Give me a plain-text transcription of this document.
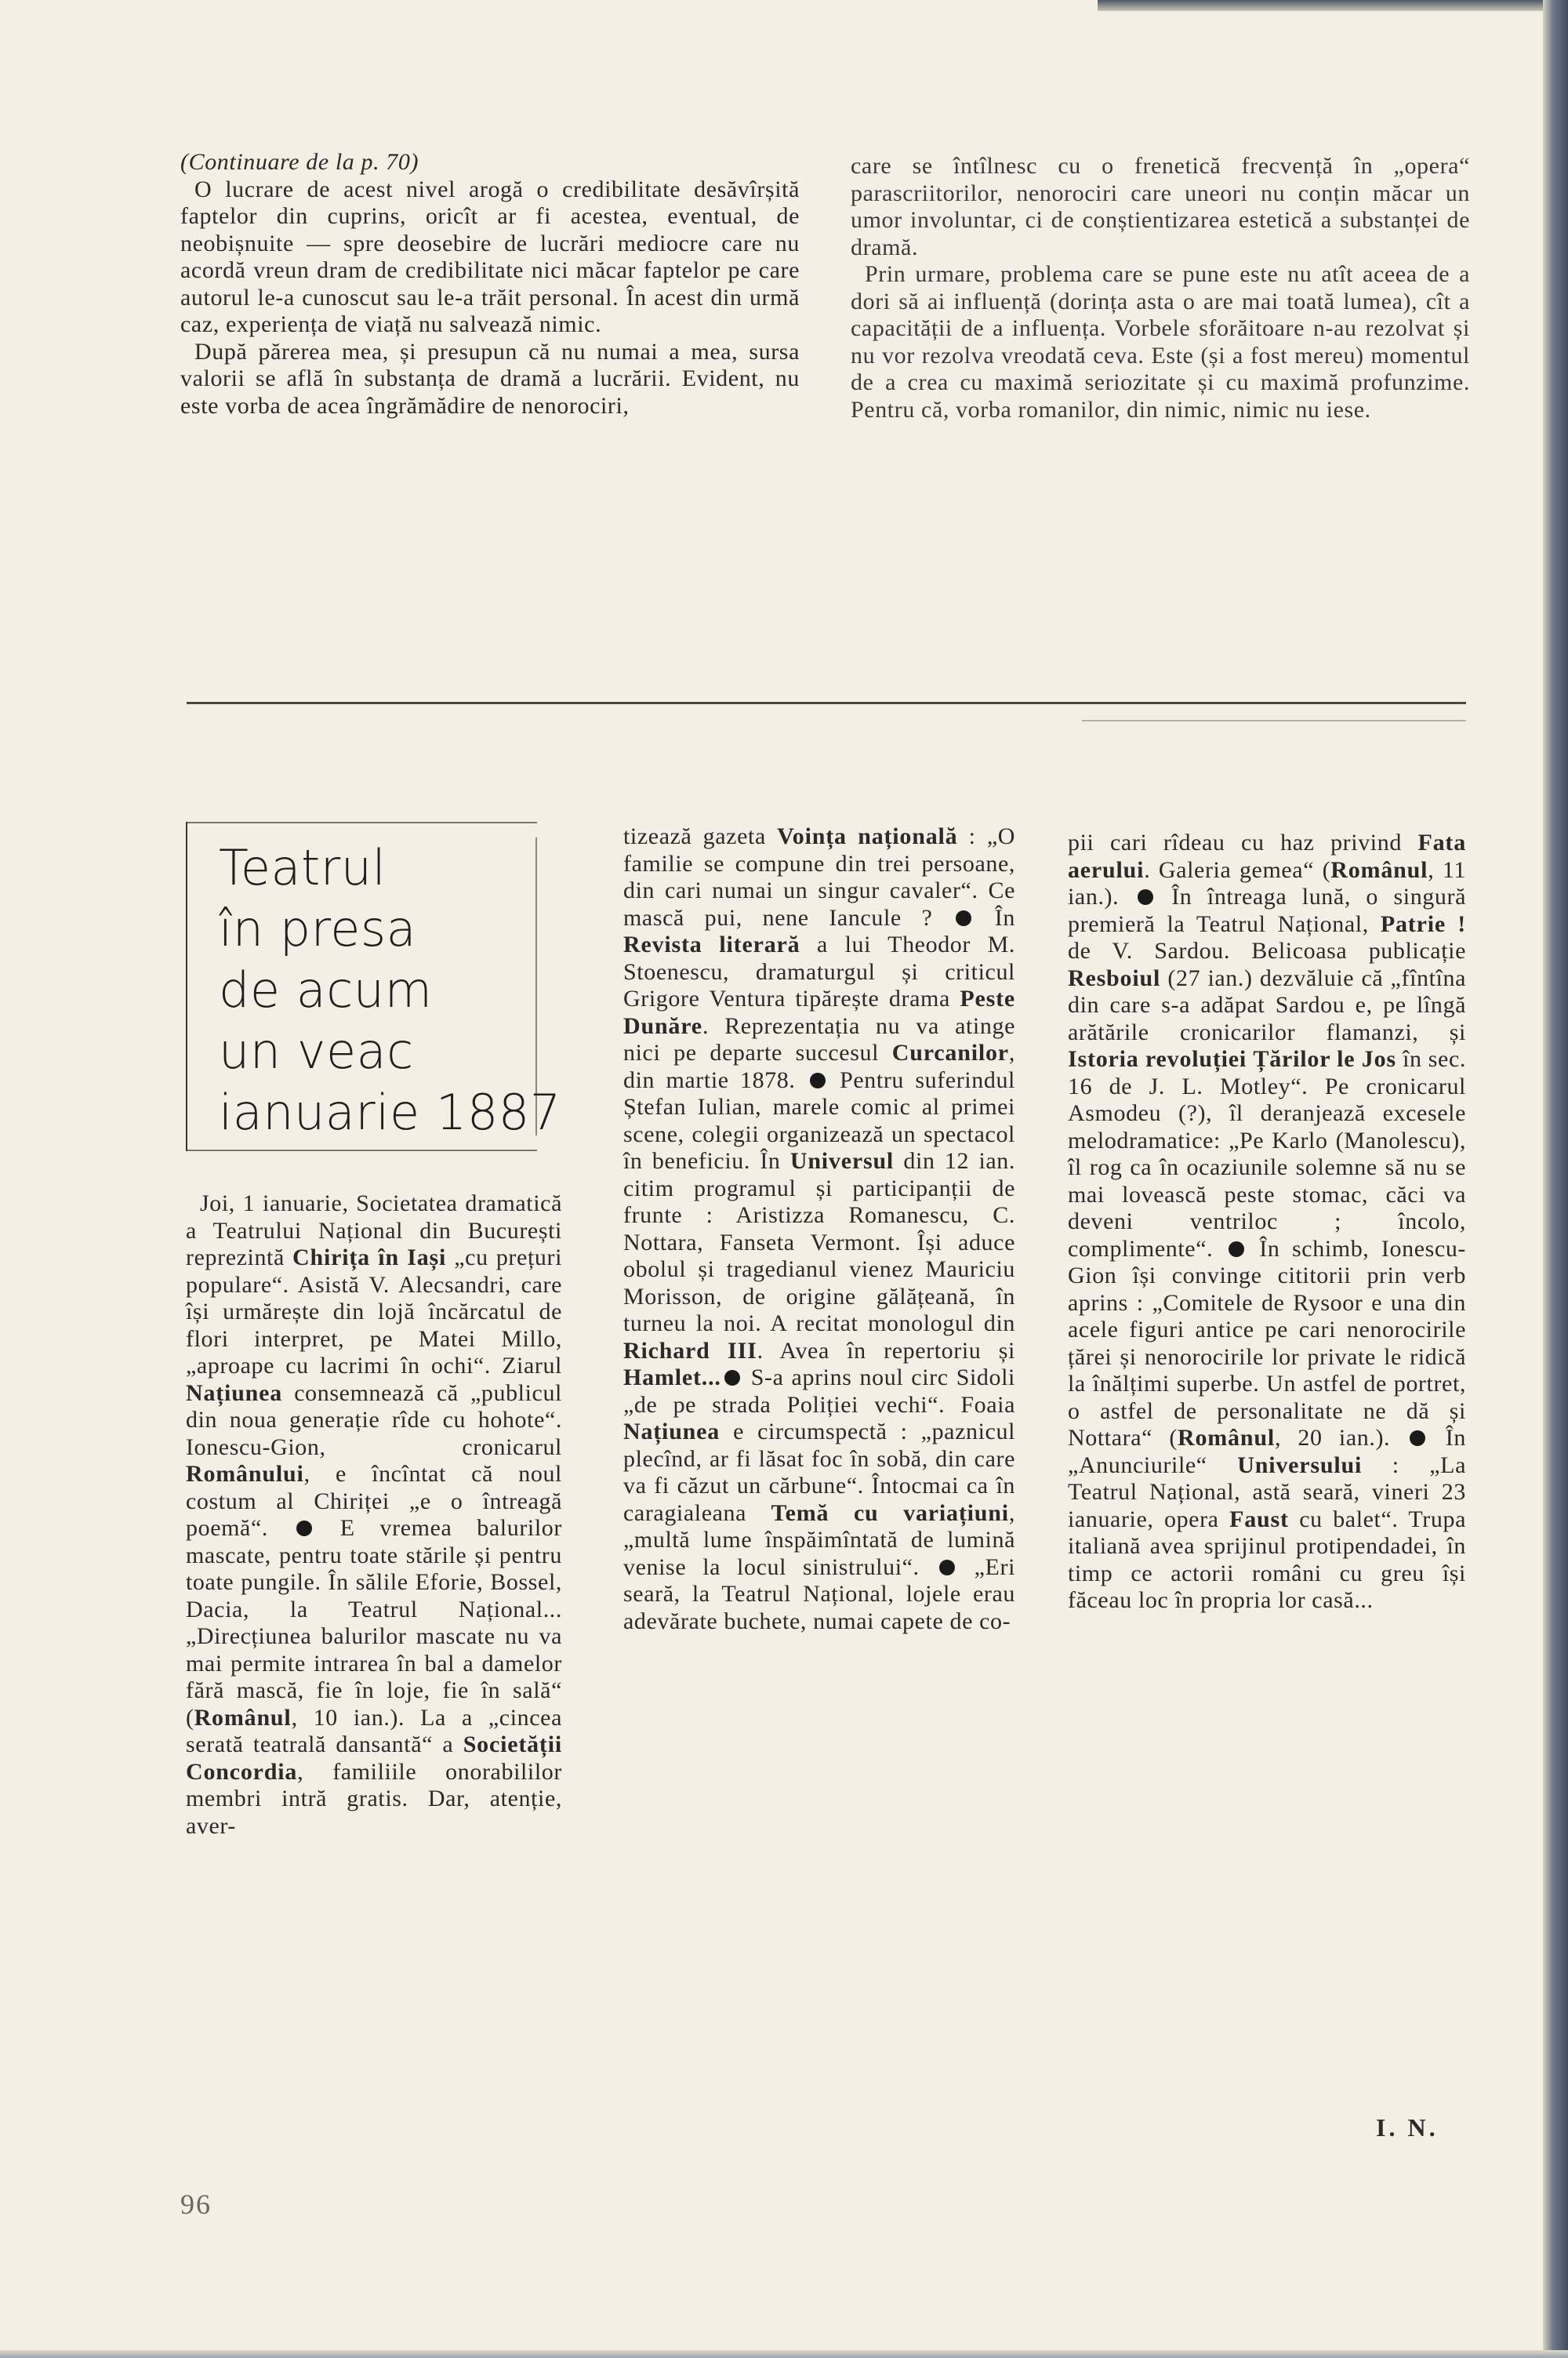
(Continuare de la p. 70)

O lucrare de acest nivel arogă o credibilitate desăvîrșită faptelor din cuprins, oricît ar fi acestea, eventual, de neobișnuite — spre deosebire de lucrări mediocre care nu acordă vreun dram de credibilitate nici măcar faptelor pe care autorul le-a cunoscut sau le-a trăit personal. În acest din urmă caz, experiența de viață nu salvează nimic.

După părerea mea, și presupun că nu numai a mea, sursa valorii se află în substanța de dramă a lucrării. Evident, nu este vorba de acea îngrămădire de nenorociri,

care se întîlnesc cu o frenetică frecvență în „opera“ parascriitorilor, nenorociri care uneori nu conțin măcar un umor involuntar, ci de conștientizarea estetică a substanței de dramă.

Prin urmare, problema care se pune este nu atît aceea de a dori să ai influență (dorința asta o are mai toată lumea), cît a capacității de a influența. Vorbele sforăitoare n-au rezolvat și nu vor rezolva vreodată ceva. Este (și a fost mereu) momentul de a crea cu maximă seriozitate și cu maximă profunzime. Pentru că, vorba romanilor, din nimic, nimic nu iese.

Teatrul
în presa
de acum
un veac
ianuarie 1887

Joi, 1 ianuarie, Societatea dramatică a Teatrului Național din București reprezintă Chirița în Iași „cu prețuri populare“. Asistă V. Alecsandri, care își urmărește din lojă încărcatul de flori interpret, pe Matei Millo, „aproape cu lacrimi în ochi“. Ziarul Națiunea consemnează că „publicul din noua generație rîde cu hohote“. Ionescu-Gion, cronicarul Românului, e încîntat că noul costum al Chiriței „e o întreagă poemă“.  E vremea balurilor mascate, pentru toate stările și pentru toate pungile. În sălile Eforie, Bossel, Dacia, la Teatrul Național... „Direcțiunea balurilor mascate nu va mai permite intrarea în bal a damelor fără mască, fie în loje, fie în sală“ (Românul, 10 ian.). La a „cincea serată teatrală dansantă“ a Societății Concordia, familiile onorabililor membri intră gratis. Dar, atenție, aver-

tizează gazeta Voința națională : „O familie se compune din trei persoane, din cari numai un singur cavaler“. Ce mască pui, nene Iancule ?  În Revista literară a lui Theodor M. Stoenescu, dramaturgul și criticul Grigore Ventura tipărește drama Peste Dunăre. Reprezentația nu va atinge nici pe departe succesul Curcanilor, din martie 1878.  Pentru suferindul Ștefan Iulian, marele comic al primei scene, colegii organizează un spectacol în beneficiu. În Universul din 12 ian. citim programul și participanții de frunte : Aristizza Romanescu, C. Nottara, Fanseta Vermont. Își aduce obolul și tragedianul vienez Mauriciu Morisson, de origine gălățeană, în turneu la noi. A recitat monologul din Richard III. Avea în repertoriu și Hamlet... S-a aprins noul circ Sidoli „de pe strada Poliției vechi“. Foaia Națiunea e circumspectă : „paznicul plecînd, ar fi lăsat foc în sobă, din care va fi căzut un cărbune“. Întocmai ca în caragialeana Temă cu variațiuni, „multă lume înspăimîntată de lumină venise la locul sinistrului“.  „Eri seară, la Teatrul Național, lojele erau adevărate buchete, numai capete de co-

pii cari rîdeau cu haz privind Fata aerului. Galeria gemea“ (Românul, 11 ian.).  În întreaga lună, o singură premieră la Teatrul Național, Patrie ! de V. Sardou. Belicoasa publicație Resboiul (27 ian.) dezvăluie că „fîntîna din care s-a adăpat Sardou e, pe lîngă arătările cronicarilor flamanzi, și Istoria revoluției Țărilor le Jos în sec. 16 de J. L. Motley“. Pe cronicarul Asmodeu (?), îl deranjează excesele melodramatice: „Pe Karlo (Manolescu), îl rog ca în ocaziunile solemne să nu se mai lovească peste stomac, căci va deveni ventriloc ; încolo, complimente“.  În schimb, Ionescu-Gion își convinge cititorii prin verb aprins : „Comitele de Rysoor e una din acele figuri antice pe cari nenorocirile țărei și nenorocirile lor private le ridică la înălțimi superbe. Un astfel de portret, o astfel de personalitate ne dă și Nottara“ (Românul, 20 ian.).  În „Anunciurile“ Universului : „La Teatrul Național, astă seară, vineri 23 ianuarie, opera Faust cu balet“. Trupa italiană avea sprijinul protipendadei, în timp ce actorii români cu greu își făceau loc în propria lor casă...

I. N.
96
